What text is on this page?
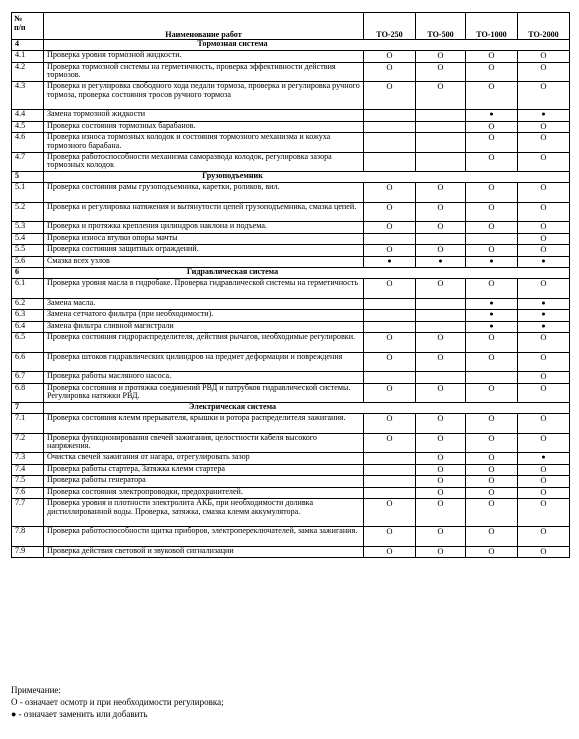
№
п/п	Наименование работ	ТО-250	ТО-500	ТО-1000	ТО-2000
4	Тормозная система				
4.1	Проверка уровня тормозной жидкости.	O	O	O	O
4.2	Проверка тормозной системы на герметичность, проверка эффективности действия тормозов.	O	O	O	O
4.3	Проверка и регулировка свободного хода педали тормоза, проверка и регулировка ручного тормоза, проверка состояния тросов ручного тормоза	O	O	O	O
4.4	Замена тормозной жидкости			●	●
4.5	Проверка состояния тормозных барабанов.			O	O
4.6	Проверка износа тормозных колодок и состояния тормозного механизма и кожуха тормозного барабана.			O	O
4.7	Проверка работоспособности механизма саморазвода колодок, регулировка зазора тормозных колодок			O	O
5	Грузоподъемник				
5.1	Проверка состояния рамы грузоподъемника, каретки, роликов, вил.	O	O	O	O
5.2	Проверка и регулировка натяжения и вытянутости цепей грузоподъемника, смазка цепей.	O	O	O	O
5.3	Проверка и протяжка крепления цилиндров наклона и подъема.	O	O	O	O
5.4	Проверка износа втулки опоры мачты				O
5.5	Проверка состояния защитных ограждений.	O	O	O	O
5.6	Смазка всех узлов	●	●	●	●
6	Гидравлическая система				
6.1	Проверка уровня масла в гидробаке. Проверка гидравлической системы на герметичность	O	O	O	O
6.2	Замена масла.			●	●
6.3	Замена сетчатого фильтра (при необходимости).			●	●
6.4	Замена фильтра сливной магистрали			●	●
6.5	Проверка состояния гидрораспределителя, действия рычагов, необходимые регулировки.	O	O	O	O
6.6	Проверка штоков гидравлических цилиндров на предмет деформации и повреждения	O	O	O	O
6.7	Проверка работы масляного насоса.				O
6.8	Проверка состояния и протяжка соединений РВД и патрубков гидравлической системы. Регулировка натяжки РВД.	O	O	O	O
7	Электрическая система				
7.1	Проверка состояния клемм прерывателя, крышки и ротора распределителя зажигания.	O	O	O	O
7.2	Проверка функционирования свечей зажигания, целостности кабеля высокого напряжения.	O	O	O	O
7.3	Очистка свечей зажигания от нагара, отрегулировать зазор		O	O	●
7.4	Проверка работы стартера, Затяжка клемм стартера		O	O	O
7.5	Проверка работы генератора		O	O	O
7.6	Проверка состояния электропроводки, предохранителей.		O	O	O
7.7	Проверка уровня и плотности электролита АКБ, при необходимости доливка дистиллированной воды. Проверка, затяжка, смазка клемм аккумулятора.	O	O	O	O
7.8	Проверка работоспособности щитка приборов, электропереключателей, замка зажигания.	O	O	O	O
7.9	Проверка действия световой и звуковой сигнализации	O	O	O	O
Примечание:
О - означает осмотр и при необходимости регулировка;
● - означает заменить или добавить
